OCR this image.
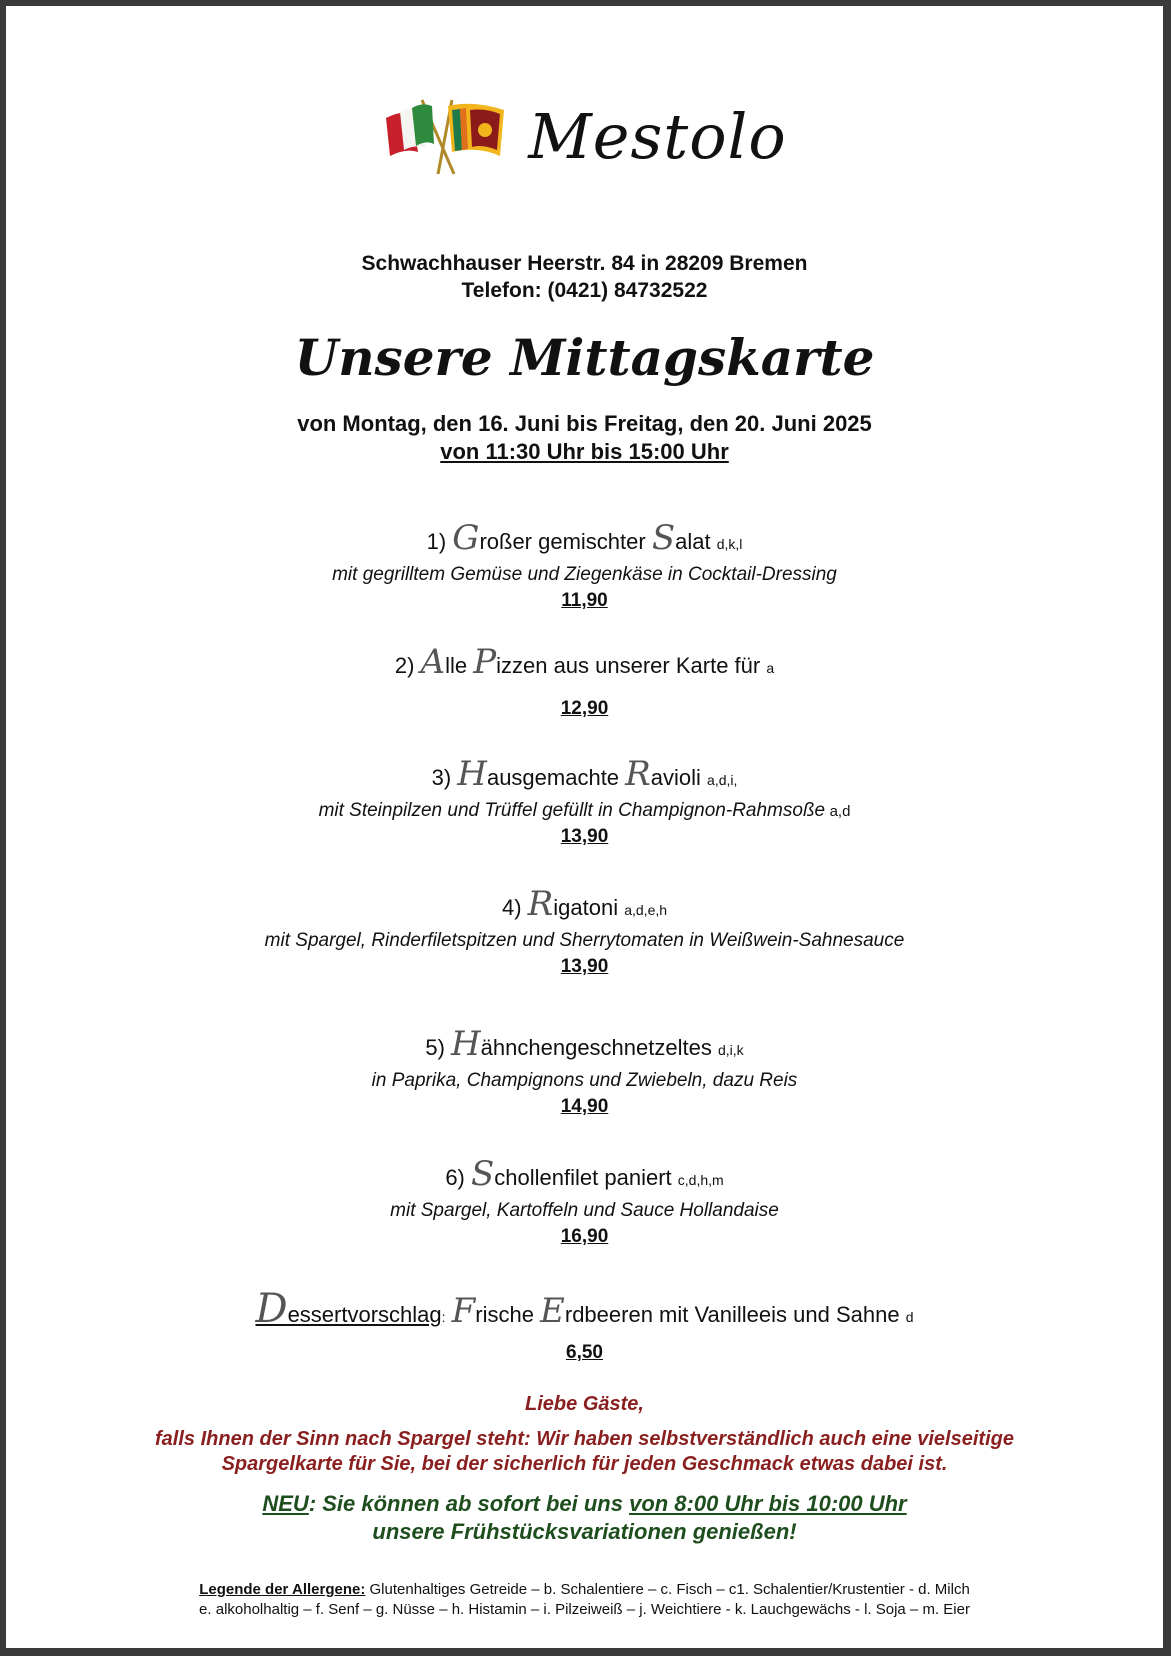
Mestolo
Schwachhauser Heerstr. 84 in 28209 Bremen
Telefon: (0421) 84732522
Unsere Mittagskarte
von Montag, den 16. Juni bis Freitag, den 20. Juni 2025
von 11:30 Uhr bis 15:00 Uhr
1) Großer gemischter Salat d,k,l
mit gegrilltem Gemüse und Ziegenkäse in Cocktail-Dressing
11,90
2) Alle Pizzen aus unserer Karte für a
12,90
3) Hausgemachte Ravioli a,d,i,
mit Steinpilzen und Trüffel gefüllt in Champignon-Rahmsoße a,d
13,90
4) Rigatoni a,d,e,h
mit Spargel, Rinderfiletspitzen und Sherrytomaten in Weißwein-Sahnesauce
13,90
5) Hähnchengeschnetzeltes d,i,k
in Paprika, Champignons und Zwiebeln, dazu Reis
14,90
6) Schollenfilet paniert c,d,h,m
mit Spargel, Kartoffeln und Sauce Hollandaise
16,90
Dessertvorschlag: Frische Erdbeeren mit Vanilleeis und Sahne d
6,50
Liebe Gäste,
falls Ihnen der Sinn nach Spargel steht: Wir haben selbstverständlich auch eine vielseitige
Spargelkarte für Sie, bei der sicherlich für jeden Geschmack etwas dabei ist.
NEU: Sie können ab sofort bei uns von 8:00 Uhr bis 10:00 Uhr
unsere Frühstücksvariationen genießen!
Legende der Allergene: Glutenhaltiges Getreide – b. Schalentiere – c. Fisch – c1. Schalentier/Krustentier - d. Milch
e. alkoholhaltig – f. Senf – g. Nüsse – h. Histamin – i. Pilzeiweiß – j. Weichtiere - k. Lauchgewächs - l. Soja – m. Eier
